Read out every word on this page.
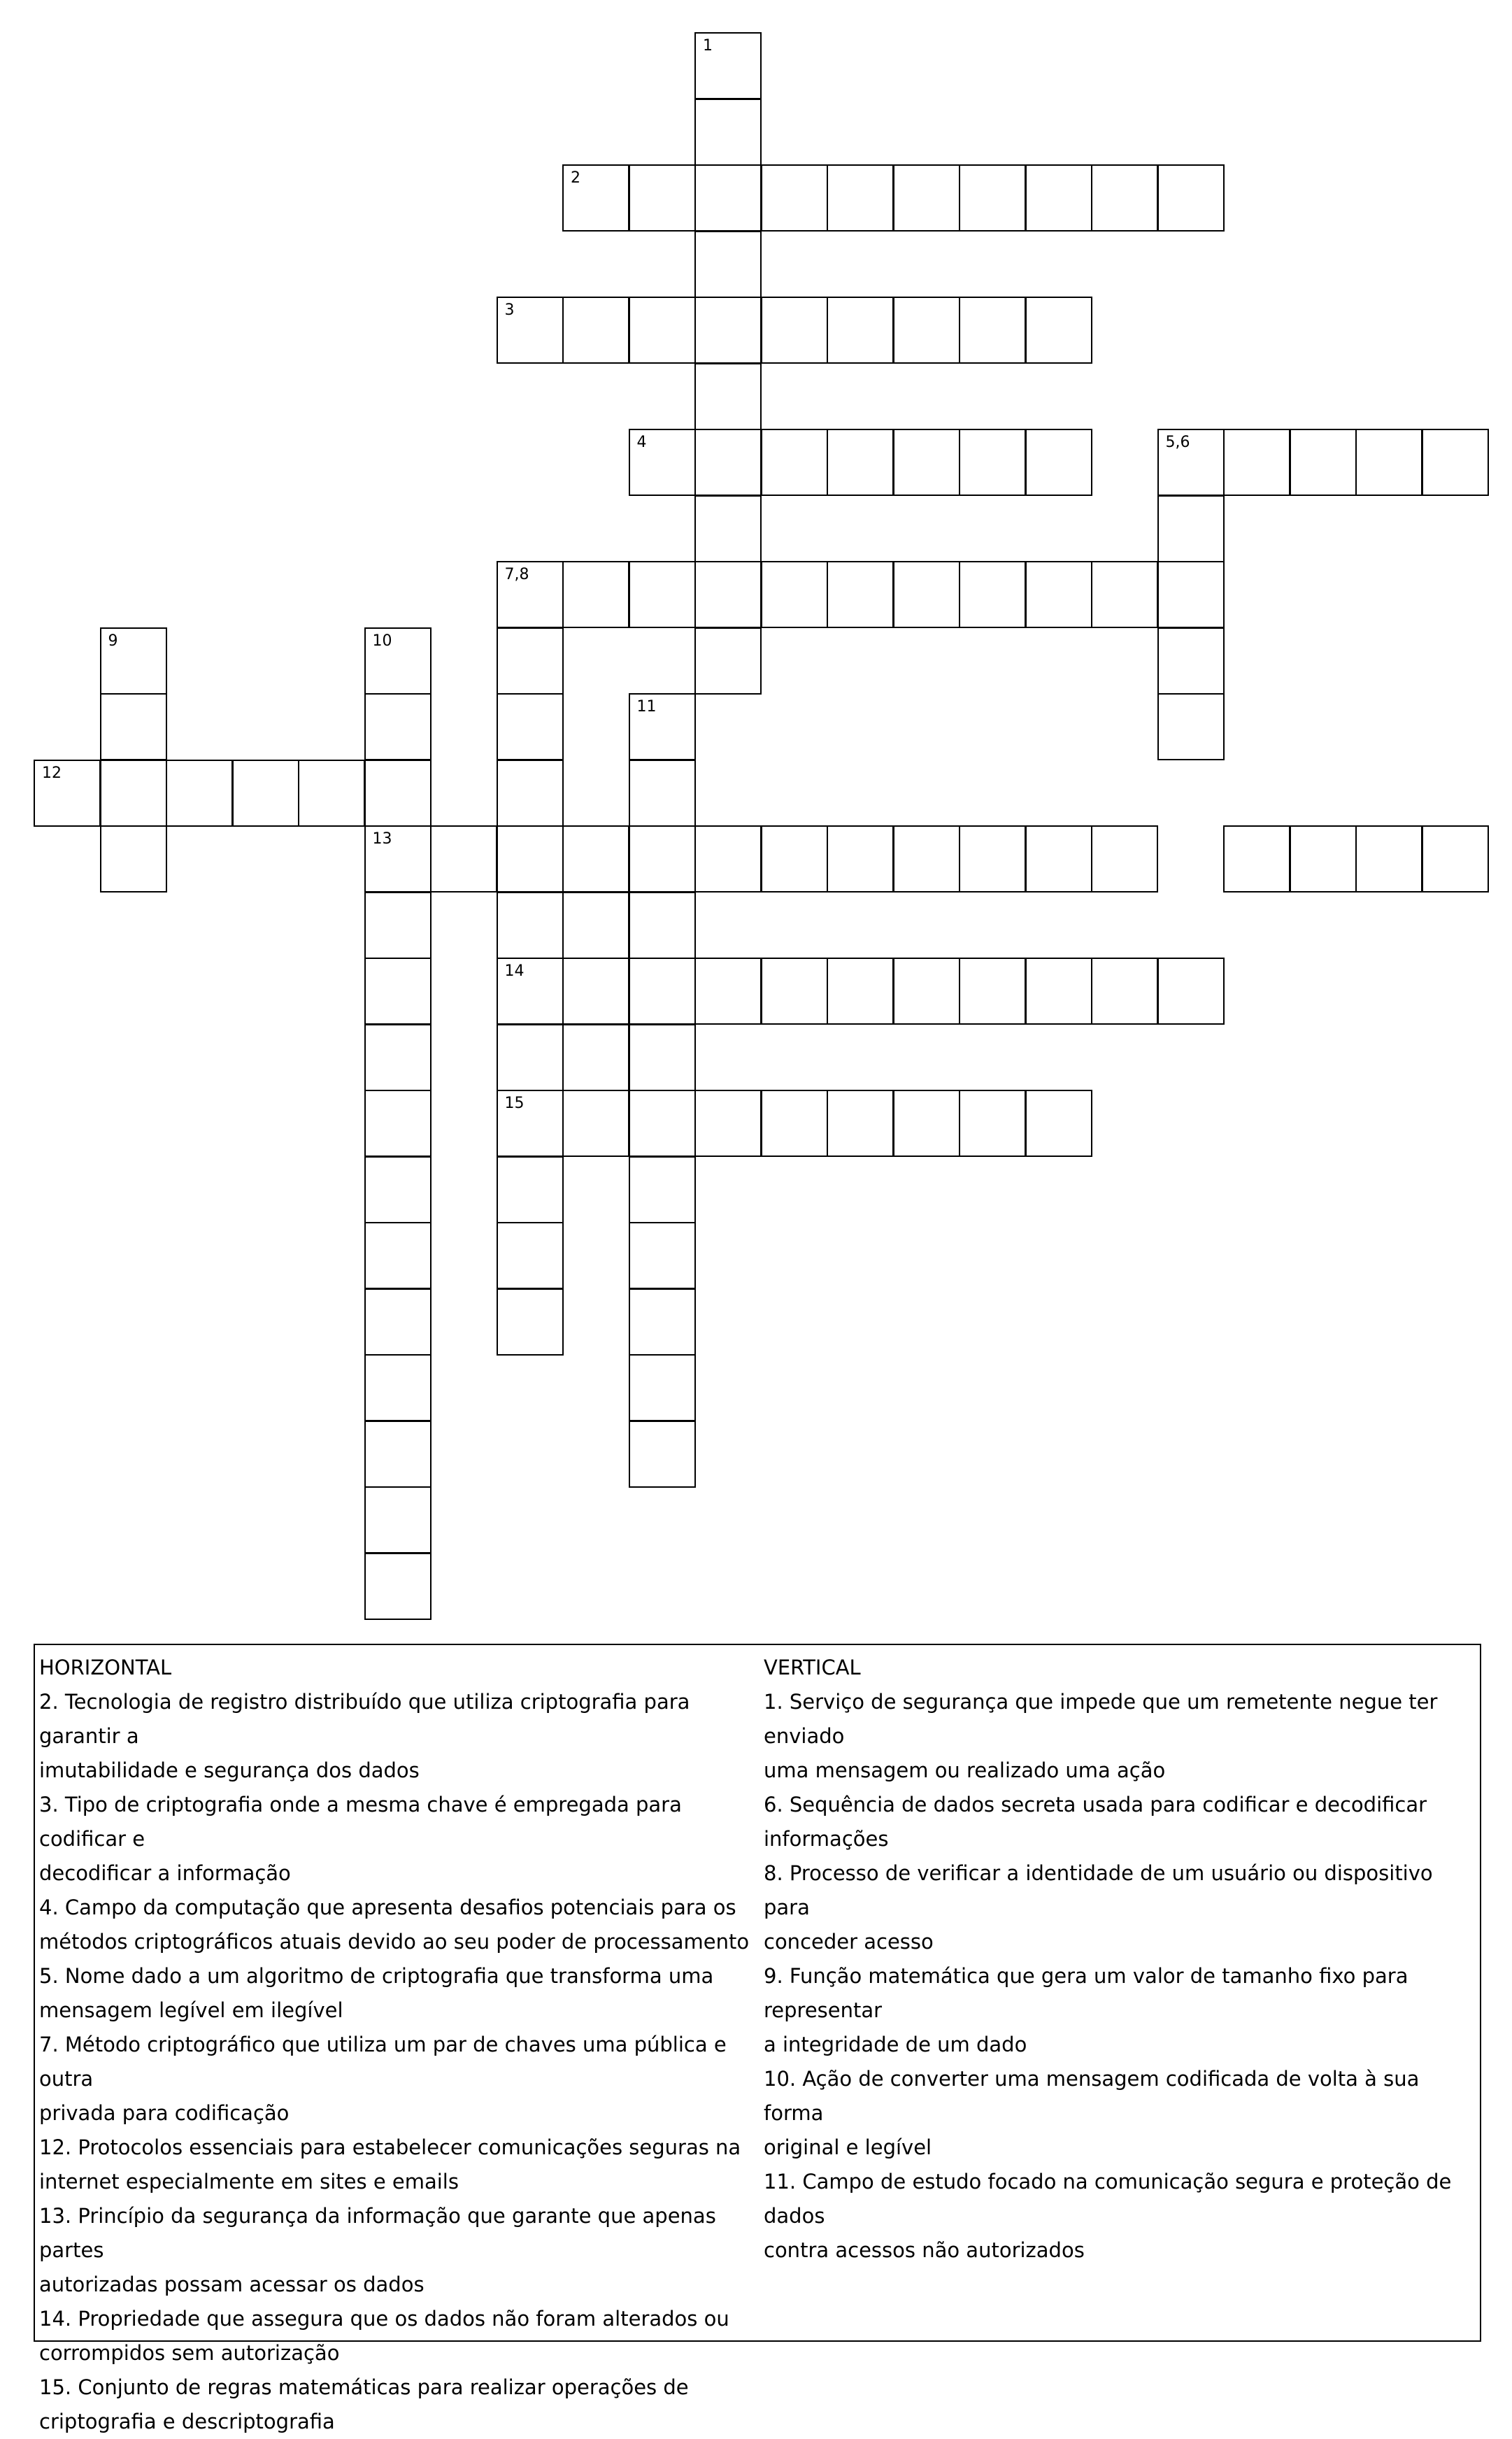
1
2
3
4	5,6
7,8
9	10
13
11
12
14
15
HORIZONTAL
2. Tecnologia de registro distribuído que utiliza criptografia para garantir a
imutabilidade e segurança dos dados
3. Tipo de criptografia onde a mesma chave é empregada para codificar e
decodificar a informação
4. Campo da computação que apresenta desafios potenciais para os
métodos criptográficos atuais devido ao seu poder de processamento
5. Nome dado a um algoritmo de criptografia que transforma uma
mensagem legível em ilegível
7. Método criptográfico que utiliza um par de chaves uma pública e outra
privada para codificação
12. Protocolos essenciais para estabelecer comunicações seguras na
internet especialmente em sites e emails
13. Princípio da segurança da informação que garante que apenas partes
autorizadas possam acessar os dados
14. Propriedade que assegura que os dados não foram alterados ou
corrompidos sem autorização
15. Conjunto de regras matemáticas para realizar operações de
criptografia e descriptografia
VERTICAL
1. Serviço de segurança que impede que um remetente negue ter enviado
uma mensagem ou realizado uma ação
6. Sequência de dados secreta usada para codificar e decodificar
informações
8. Processo de verificar a identidade de um usuário ou dispositivo para
conceder acesso
9. Função matemática que gera um valor de tamanho fixo para representar
a integridade de um dado
10. Ação de converter uma mensagem codificada de volta à sua forma
original e legível
11. Campo de estudo focado na comunicação segura e proteção de dados
contra acessos não autorizados
